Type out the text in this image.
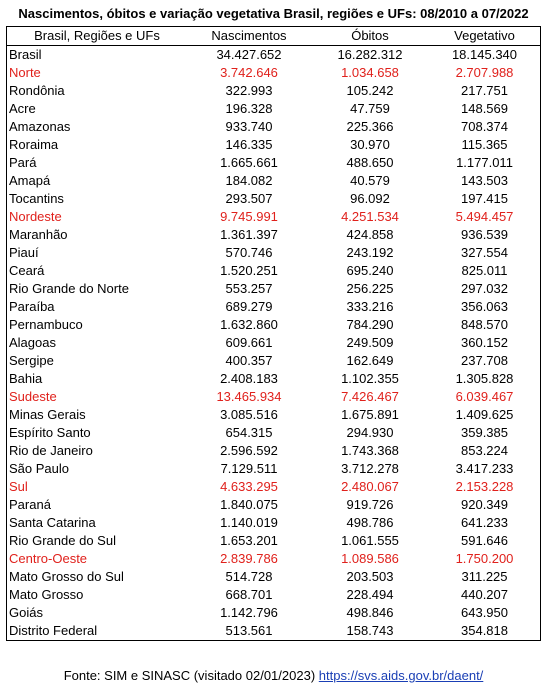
Nascimentos, óbitos e variação vegetativa Brasil, regiões e UFs: 08/2010 a 07/2022
Brasil, Regiões e UFs	Nascimentos	Óbitos	Vegetativo
Brasil	34.427.652	16.282.312	18.145.340
Norte	3.742.646	1.034.658	2.707.988
Rondônia	322.993	105.242	217.751
Acre	196.328	47.759	148.569
Amazonas	933.740	225.366	708.374
Roraima	146.335	30.970	115.365
Pará	1.665.661	488.650	1.177.011
Amapá	184.082	40.579	143.503
Tocantins	293.507	96.092	197.415
Nordeste	9.745.991	4.251.534	5.494.457
Maranhão	1.361.397	424.858	936.539
Piauí	570.746	243.192	327.554
Ceará	1.520.251	695.240	825.011
Rio Grande do Norte	553.257	256.225	297.032
Paraíba	689.279	333.216	356.063
Pernambuco	1.632.860	784.290	848.570
Alagoas	609.661	249.509	360.152
Sergipe	400.357	162.649	237.708
Bahia	2.408.183	1.102.355	1.305.828
Sudeste	13.465.934	7.426.467	6.039.467
Minas Gerais	3.085.516	1.675.891	1.409.625
Espírito Santo	654.315	294.930	359.385
Rio de Janeiro	2.596.592	1.743.368	853.224
São Paulo	7.129.511	3.712.278	3.417.233
Sul	4.633.295	2.480.067	2.153.228
Paraná	1.840.075	919.726	920.349
Santa Catarina	1.140.019	498.786	641.233
Rio Grande do Sul	1.653.201	1.061.555	591.646
Centro-Oeste	2.839.786	1.089.586	1.750.200
Mato Grosso do Sul	514.728	203.503	311.225
Mato Grosso	668.701	228.494	440.207
Goiás	1.142.796	498.846	643.950
Distrito Federal	513.561	158.743	354.818
Fonte: SIM e SINASC (visitado 02/01/2023) https://svs.aids.gov.br/daent/
